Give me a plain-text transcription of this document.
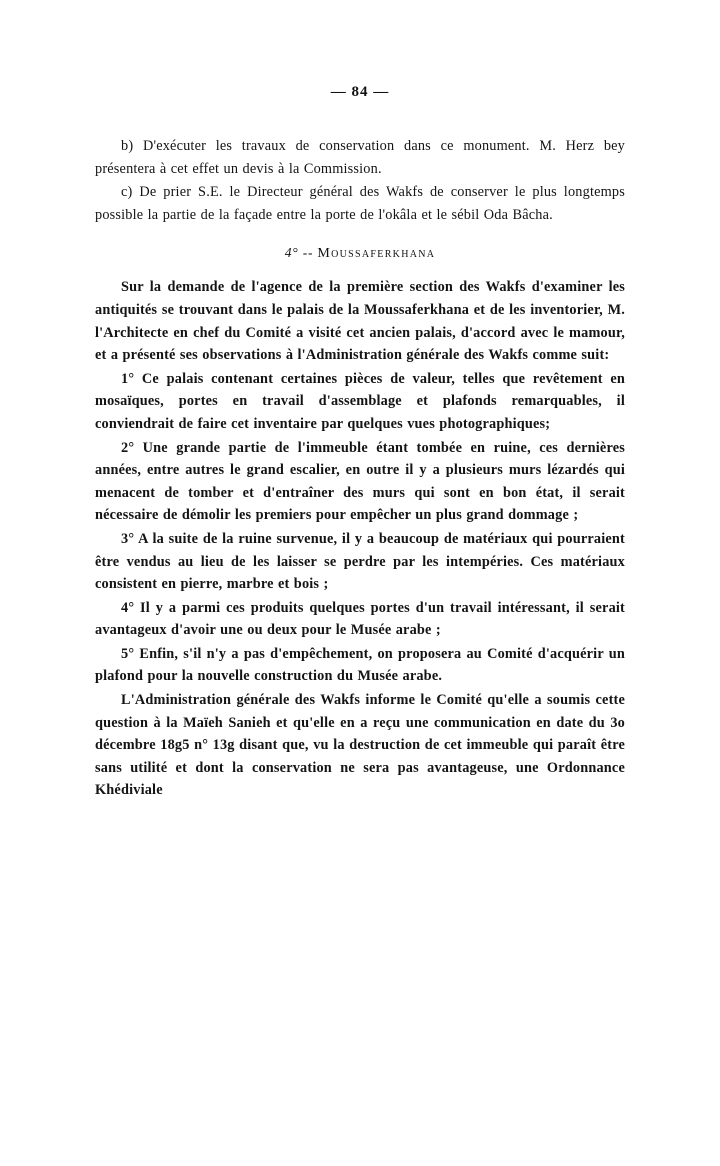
— 84 —

b) D'exécuter les travaux de conservation dans ce monument. M. Herz bey présentera à cet effet un devis à la Commission.

c) De prier S.E. le Directeur général des Wakfs de conserver le plus longtemps possible la partie de la façade entre la porte de l'okâla et le sébil Oda Bâcha.

4° -- Moussaferkhana

Sur la demande de l'agence de la première section des Wakfs d'examiner les antiquités se trouvant dans le palais de la Moussaferkhana et de les inventorier, M. l'Architecte en chef du Comité a visité cet ancien palais, d'accord avec le mamour, et a présenté ses observations à l'Administration générale des Wakfs comme suit:

1° Ce palais contenant certaines pièces de valeur, telles que revêtement en mosaïques, portes en travail d'assemblage et plafonds remarquables, il conviendrait de faire cet inventaire par quelques vues photographiques;

2° Une grande partie de l'immeuble étant tombée en ruine, ces dernières années, entre autres le grand escalier, en outre il y a plusieurs murs lézardés qui menacent de tomber et d'entraîner des murs qui sont en bon état, il serait nécessaire de démolir les premiers pour empêcher un plus grand dommage ;

3° A la suite de la ruine survenue, il y a beaucoup de matériaux qui pourraient être vendus au lieu de les laisser se perdre par les intempéries. Ces matériaux consistent en pierre, marbre et bois ;

4° Il y a parmi ces produits quelques portes d'un travail intéressant, il serait avantageux d'avoir une ou deux pour le Musée arabe ;

5° Enfin, s'il n'y a pas d'empêchement, on proposera au Comité d'acquérir un plafond pour la nouvelle construction du Musée arabe.

L'Administration générale des Wakfs informe le Comité qu'elle a soumis cette question à la Maïeh Sanieh et qu'elle en a reçu une communication en date du 3o décembre 18g5 n° 13g disant que, vu la destruction de cet immeuble qui paraît être sans utilité et dont la conservation ne sera pas avantageuse, une Ordonnance Khédiviale
